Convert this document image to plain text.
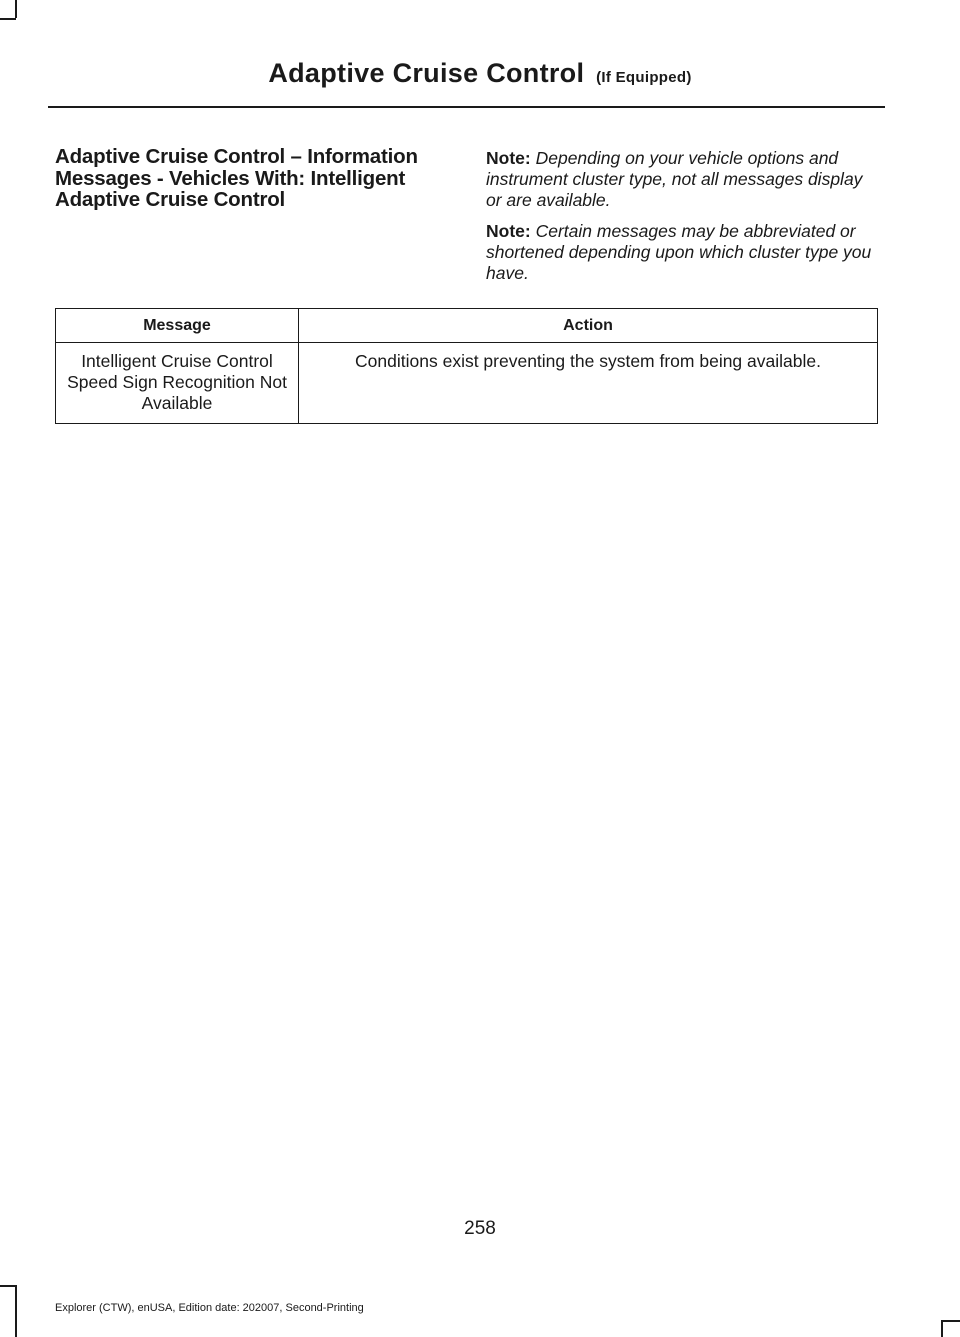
Adaptive Cruise Control (If Equipped)
Adaptive Cruise Control – Information Messages - Vehicles With: Intelligent Adaptive Cruise Control

Note: Depending on your vehicle options and instrument cluster type, not all messages display or are available.

Note: Certain messages may be abbreviated or shortened depending upon which cluster type you have.

Message	Action
Intelligent Cruise Control Speed Sign Recognition Not Available	Conditions exist preventing the system from being available.
258
Explorer (CTW), enUSA, Edition date: 202007, Second-Printing
